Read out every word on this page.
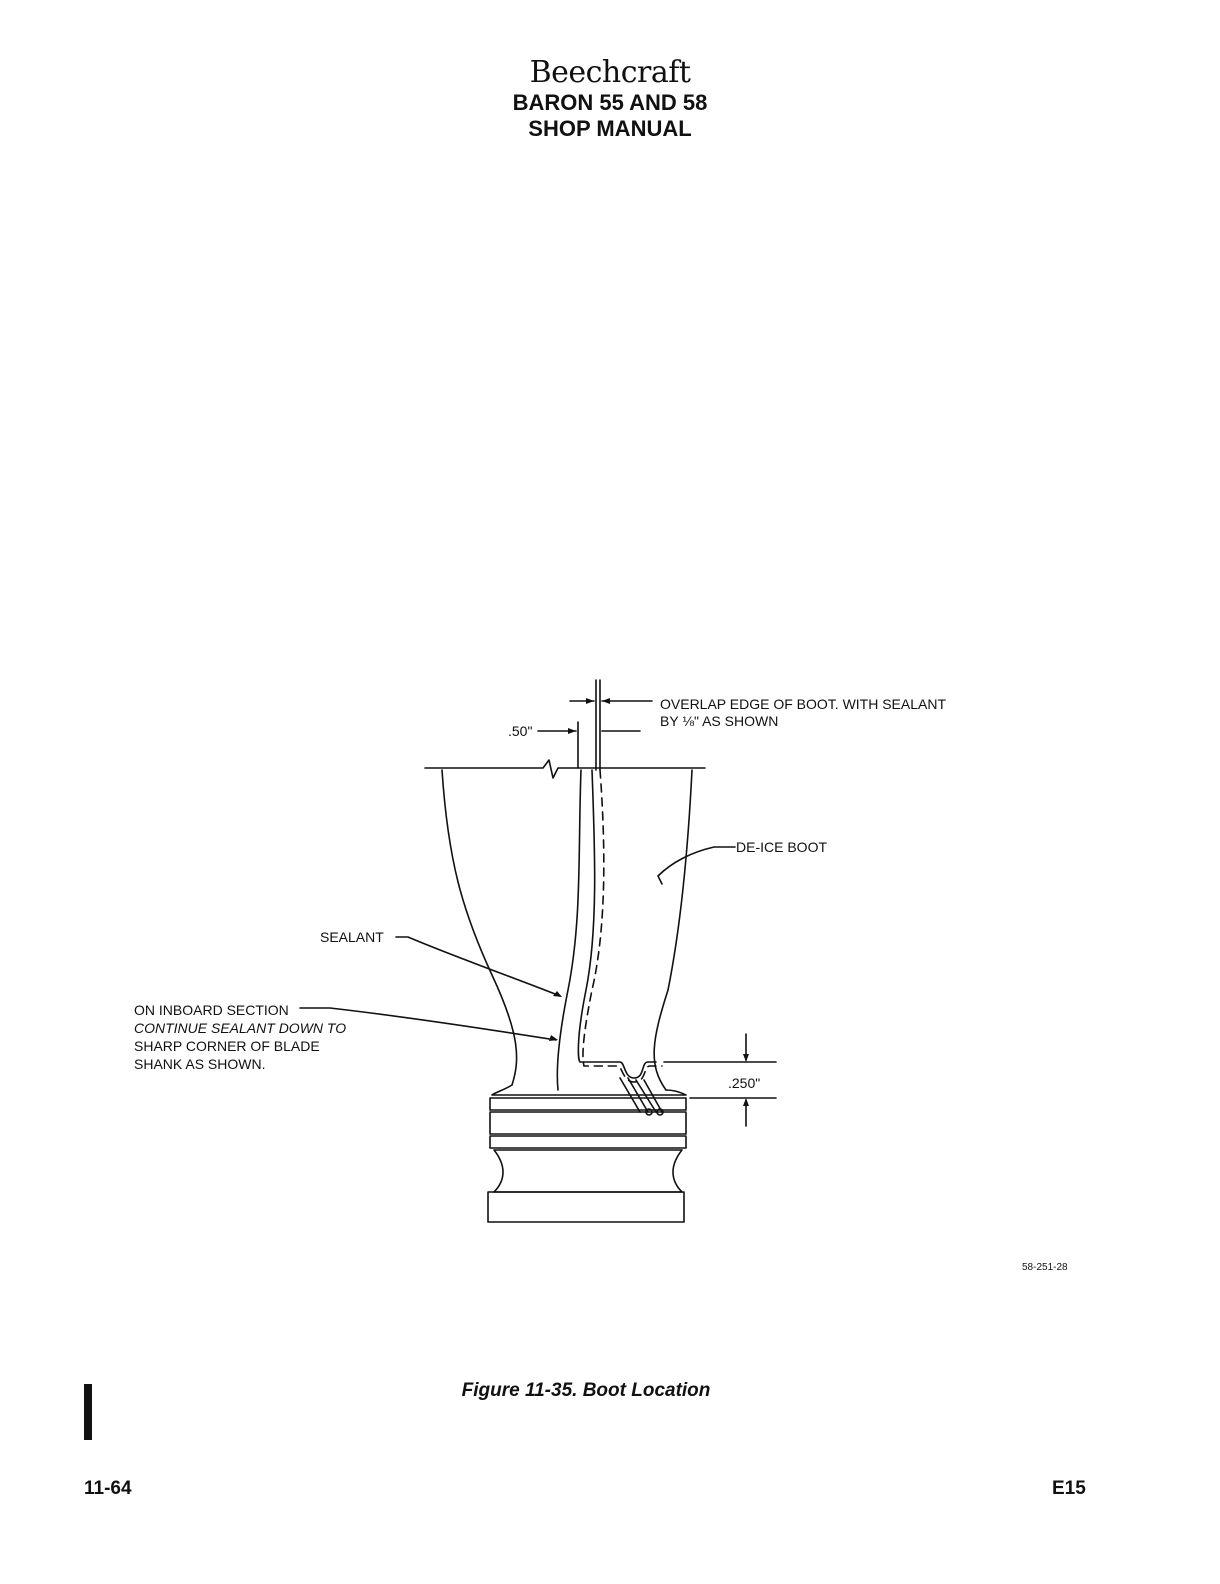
Beechcraft
BARON 55 AND 58
SHOP MANUAL
OVERLAP EDGE OF BOOT. WITH SEALANT
BY ⅛" AS SHOWN
.50"
DE-ICE BOOT
SEALANT
ON INBOARD SECTION
CONTINUE SEALANT DOWN TO
SHARP CORNER OF BLADE
SHANK AS SHOWN.
.250"
58-251-28
Figure 11-35. Boot Location
11-64	E15
